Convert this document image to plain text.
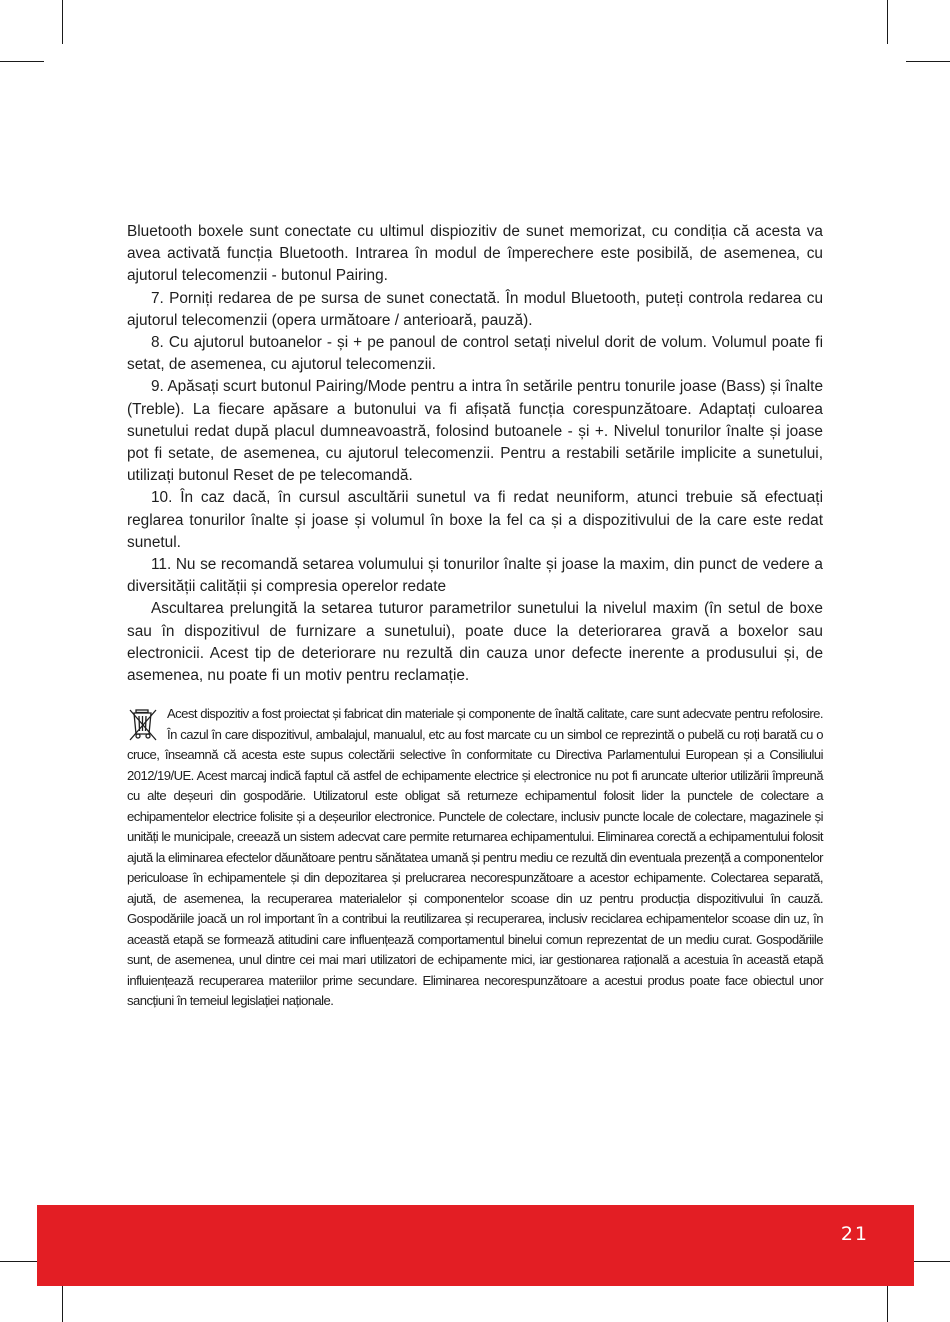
Bluetooth boxele sunt conectate cu ultimul dispiozitiv de sunet memorizat, cu condiția că acesta va avea activată funcția Bluetooth. Intrarea în modul de împerechere este posibilă, de asemenea, cu ajutorul telecomenzii - butonul Pairing.

7. Porniți redarea de pe sursa de sunet conectată. În modul Bluetooth, puteți controla redarea cu ajutorul telecomenzii (opera următoare / anterioară, pauză).

8. Cu ajutorul butoanelor - și + pe panoul de control setați nivelul dorit de volum. Volumul poate fi setat, de asemenea, cu ajutorul telecomenzii.

9. Apăsați scurt butonul Pairing/Mode pentru a intra în setările pentru tonurile joase (Bass) și înalte (Treble). La fiecare apăsare a butonului va fi afișată funcția corespunzătoare. Adaptați culoarea sunetului redat după placul dumneavoastră, folosind butoanele - și +. Nivelul tonurilor înalte și joase pot fi setate, de asemenea, cu ajutorul telecomenzii. Pentru a restabili setările implicite a sunetului, utilizați butonul Reset de pe telecomandă.

10. În caz dacă, în cursul ascultării sunetul va fi redat neuniform, atunci trebuie să efectuați reglarea tonurilor înalte și joase și volumul în boxe la fel ca și a dispozitivului de la care este redat sunetul.

11. Nu se recomandă setarea volumului și tonurilor înalte și joase la maxim, din punct de vedere a diversității calității și compresia operelor redate

Ascultarea prelungită la setarea tuturor parametrilor sunetului la nivelul maxim (în setul de boxe sau în dispozitivul de furnizare a sunetului), poate duce la deteriorarea gravă a boxelor sau electronicii. Acest tip de deteriorare nu rezultă din cauza unor defecte inerente a produsului și, de asemenea, nu poate fi un motiv pentru reclamație.

Acest dispozitiv a fost proiectat și fabricat din materiale și componente de înaltă calitate, care sunt adecvate pentru refolosire. În cazul în care dispozitivul, ambalajul, manualul, etc au fost marcate cu un simbol ce reprezintă o pubelă cu roți barată cu o cruce, înseamnă că acesta este supus colectării selective în conformitate cu Directiva Parlamentului European și a Consiliului 2012/19/UE. Acest marcaj indică faptul că astfel de echipamente electrice și electronice nu pot fi aruncate ulterior utilizării împreună cu alte deșeuri din gospodărie. Utilizatorul este obligat să returneze echipamentul folosit lider la punctele de colectare a echipamentelor electrice folisite și a deșeurilor electronice. Punctele de colectare, inclusiv puncte locale de colectare, magazinele și unități le municipale, creează un sistem adecvat care permite returnarea echipamentului. Eliminarea corectă a echipamentului folosit ajută la eliminarea efectelor dăunătoare pentru sănătatea umană și pentru mediu ce rezultă din eventuala prezență a componentelor periculoase în echipamentele și din depozitarea și prelucrarea necorespunzătoare a acestor echipamente. Colectarea separată, ajută, de asemenea, la recuperarea materialelor și componentelor scoase din uz pentru producția dispozitivului în cauză. Gospodăriile joacă un rol important în a contribui la reutilizarea și recuperarea, inclusiv reciclarea echipamentelor scoase din uz, în această etapă se formează atitudini care influențează comportamentul binelui comun reprezentat de un mediu curat. Gospodăriile sunt, de asemenea, unul dintre cei mai mari utilizatori de echipamente mici, iar gestionarea rațională a acestuia în această etapă influiențează recuperarea materiilor prime secundare. Eliminarea necorespunzătoare a acestui produs poate face obiectul unor sancțiuni în temeiul legislației naționale.

21
